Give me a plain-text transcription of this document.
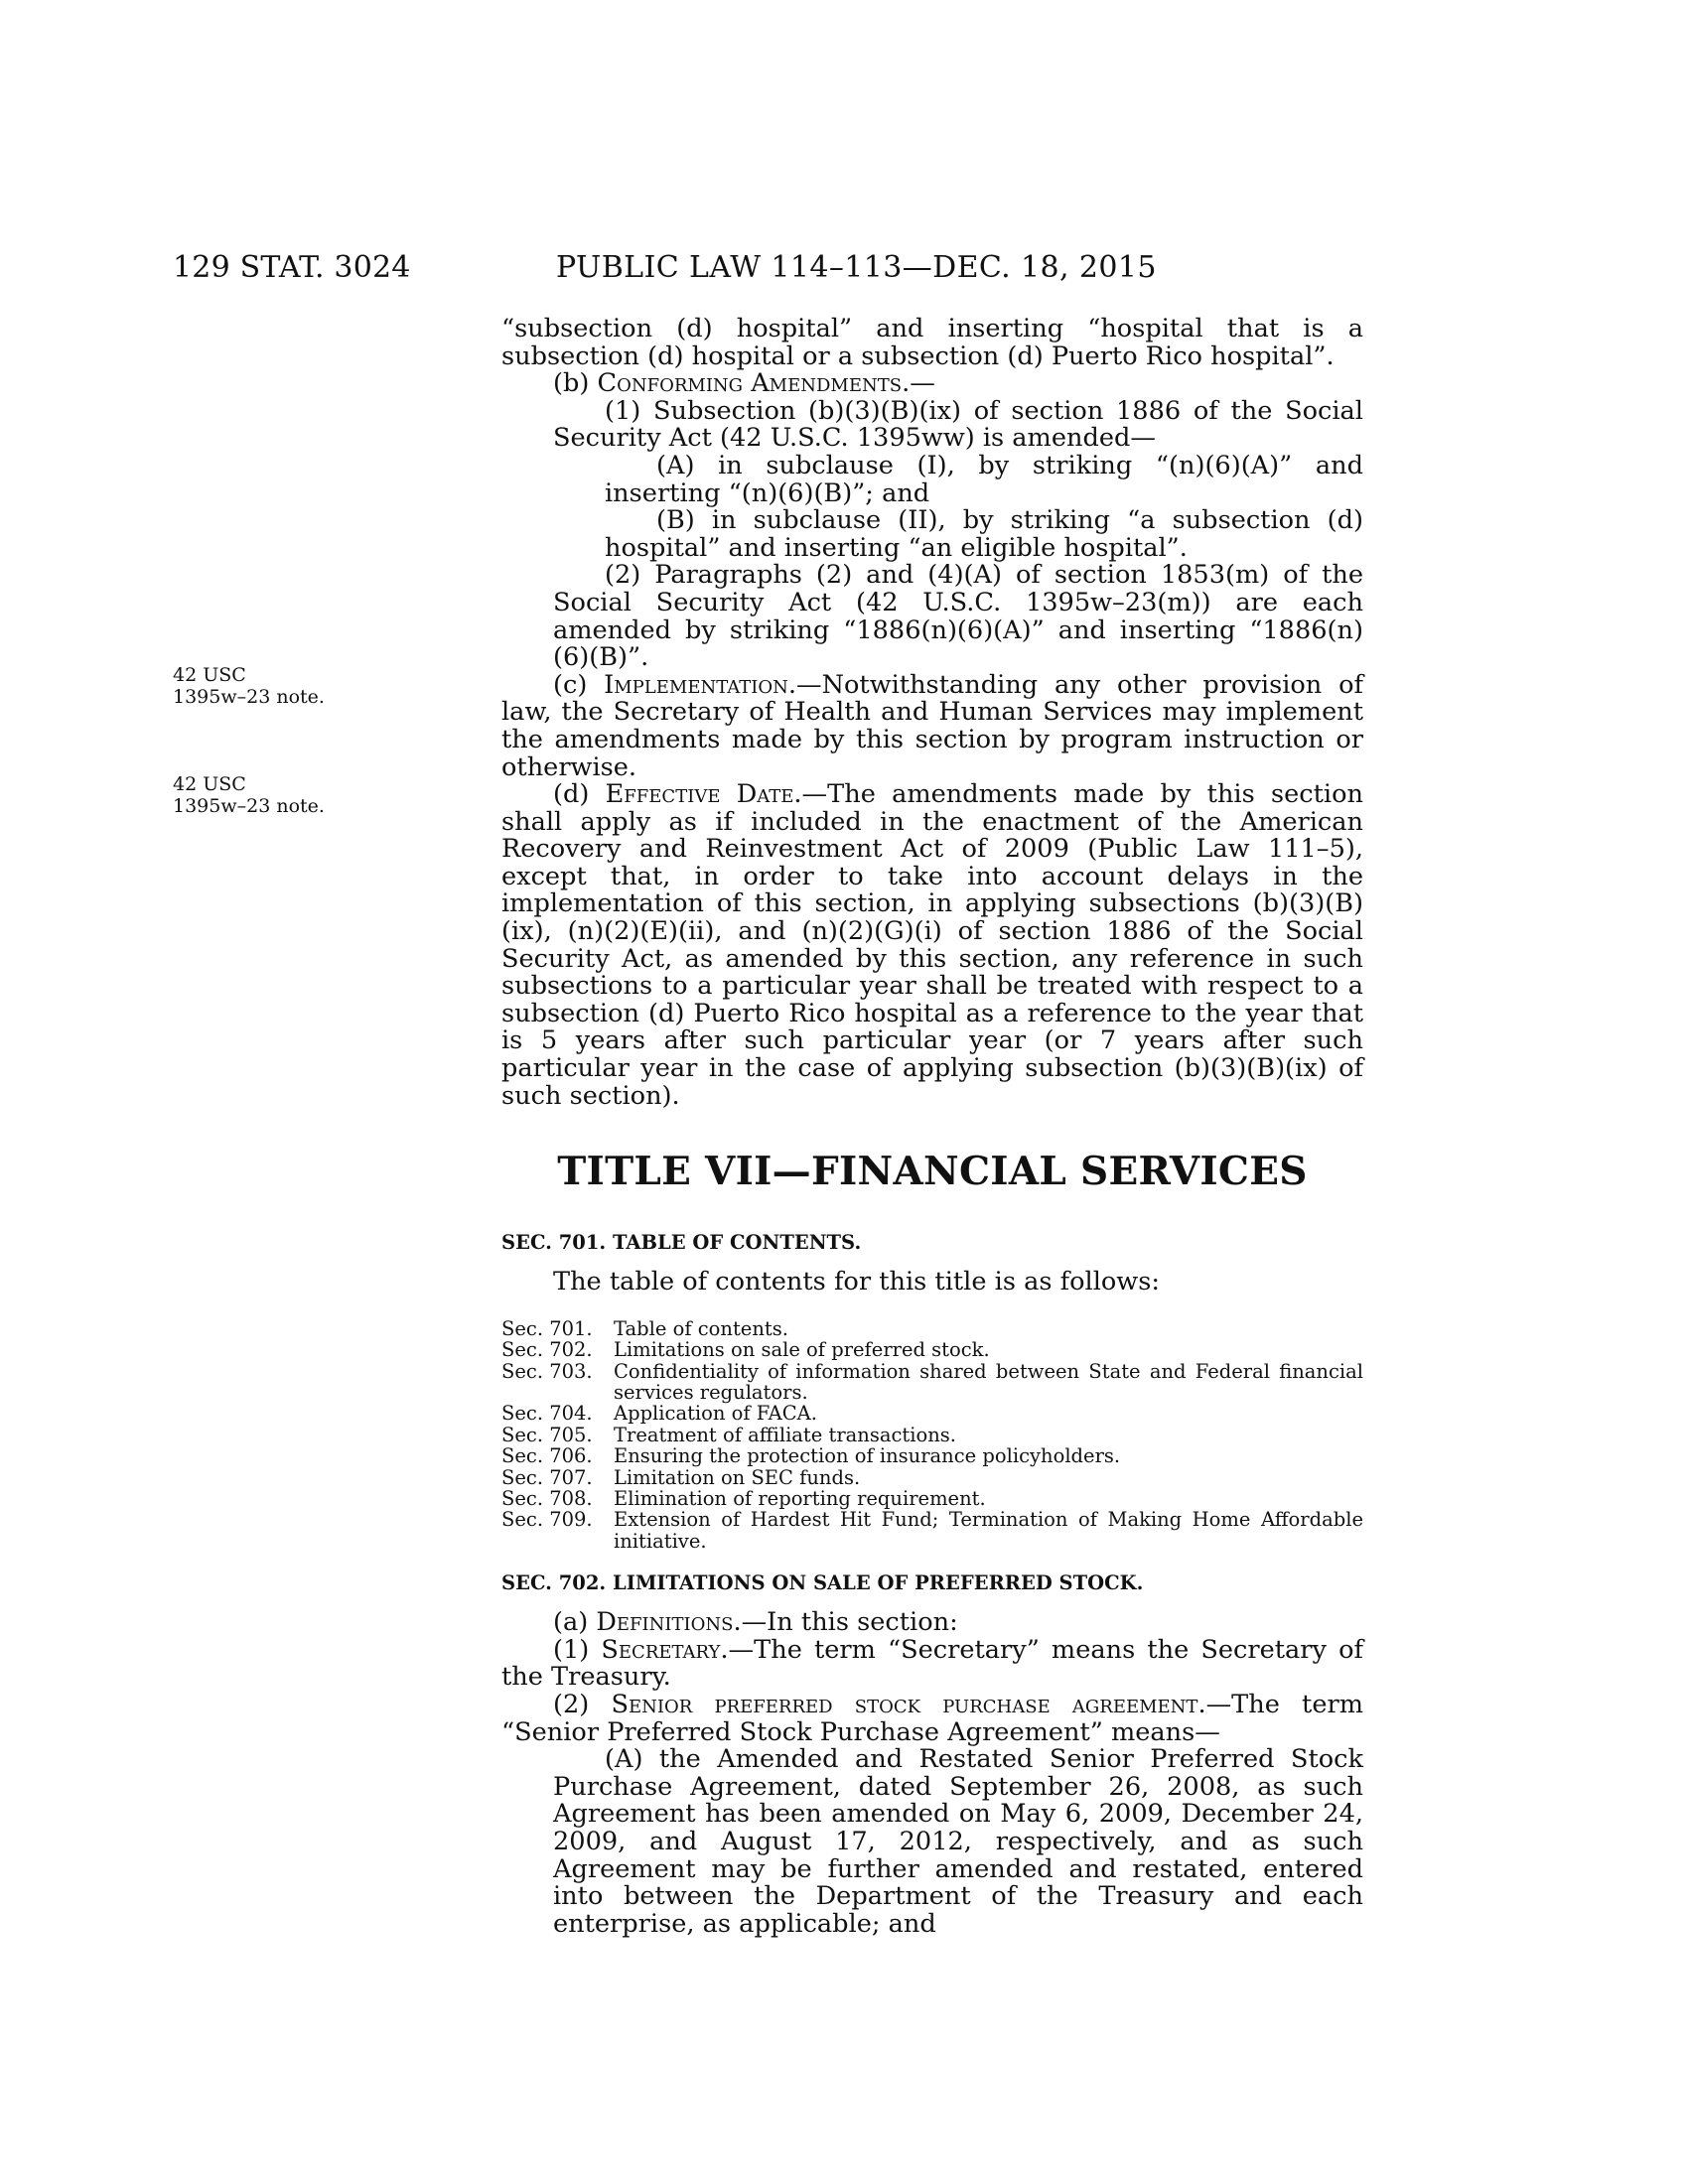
129 STAT. 3024	PUBLIC LAW 114–113—DEC. 18, 2015
42 USC
1395w–23 note.
42 USC
1395w–23 note.

“subsection (d) hospital” and inserting “hospital that is a subsection (d) hospital or a subsection (d) Puerto Rico hospital”.

(b) Conforming Amendments.—

(1) Subsection (b)(3)(B)(ix) of section 1886 of the Social Security Act (42 U.S.C. 1395ww) is amended—

(A) in subclause (I), by striking “(n)(6)(A)” and inserting “(n)(6)(B)”; and

(B) in subclause (II), by striking “a subsection (d) hospital” and inserting “an eligible hospital”.

(2) Paragraphs (2) and (4)(A) of section 1853(m) of the Social Security Act (42 U.S.C. 1395w–23(m)) are each amended by striking “1886(n)(6)(A)” and inserting “1886(n)(6)(B)”.

(c) Implementation.—Notwithstanding any other provision of law, the Secretary of Health and Human Services may implement the amendments made by this section by program instruction or otherwise.

(d) Effective Date.—The amendments made by this section shall apply as if included in the enactment of the American Recovery and Reinvestment Act of 2009 (Public Law 111–5), except that, in order to take into account delays in the implementation of this section, in applying subsections (b)(3)(B)(ix), (n)(2)(E)(ii), and (n)(2)(G)(i) of section 1886 of the Social Security Act, as amended by this section, any reference in such subsections to a particular year shall be treated with respect to a subsection (d) Puerto Rico hospital as a reference to the year that is 5 years after such particular year (or 7 years after such particular year in the case of applying subsection (b)(3)(B)(ix) of such section).

TITLE VII—FINANCIAL SERVICES
SEC. 701. TABLE OF CONTENTS.

The table of contents for this title is as follows:

Sec. 701.	Table of contents.
Sec. 702.	Limitations on sale of preferred stock.
Sec. 703.	Confidentiality of information shared between State and Federal financial services regulators.
Sec. 704.	Application of FACA.
Sec. 705.	Treatment of affiliate transactions.
Sec. 706.	Ensuring the protection of insurance policyholders.
Sec. 707.	Limitation on SEC funds.
Sec. 708.	Elimination of reporting requirement.
Sec. 709.	Extension of Hardest Hit Fund; Termination of Making Home Affordable initiative.
SEC. 702. LIMITATIONS ON SALE OF PREFERRED STOCK.

(a) Definitions.—In this section:

(1) Secretary.—The term “Secretary” means the Secretary of the Treasury.

(2) Senior preferred stock purchase agreement.—The term “Senior Preferred Stock Purchase Agreement” means—

(A) the Amended and Restated Senior Preferred Stock Purchase Agreement, dated September 26, 2008, as such Agreement has been amended on May 6, 2009, December 24, 2009, and August 17, 2012, respectively, and as such Agreement may be further amended and restated, entered into between the Department of the Treasury and each enterprise, as applicable; and
